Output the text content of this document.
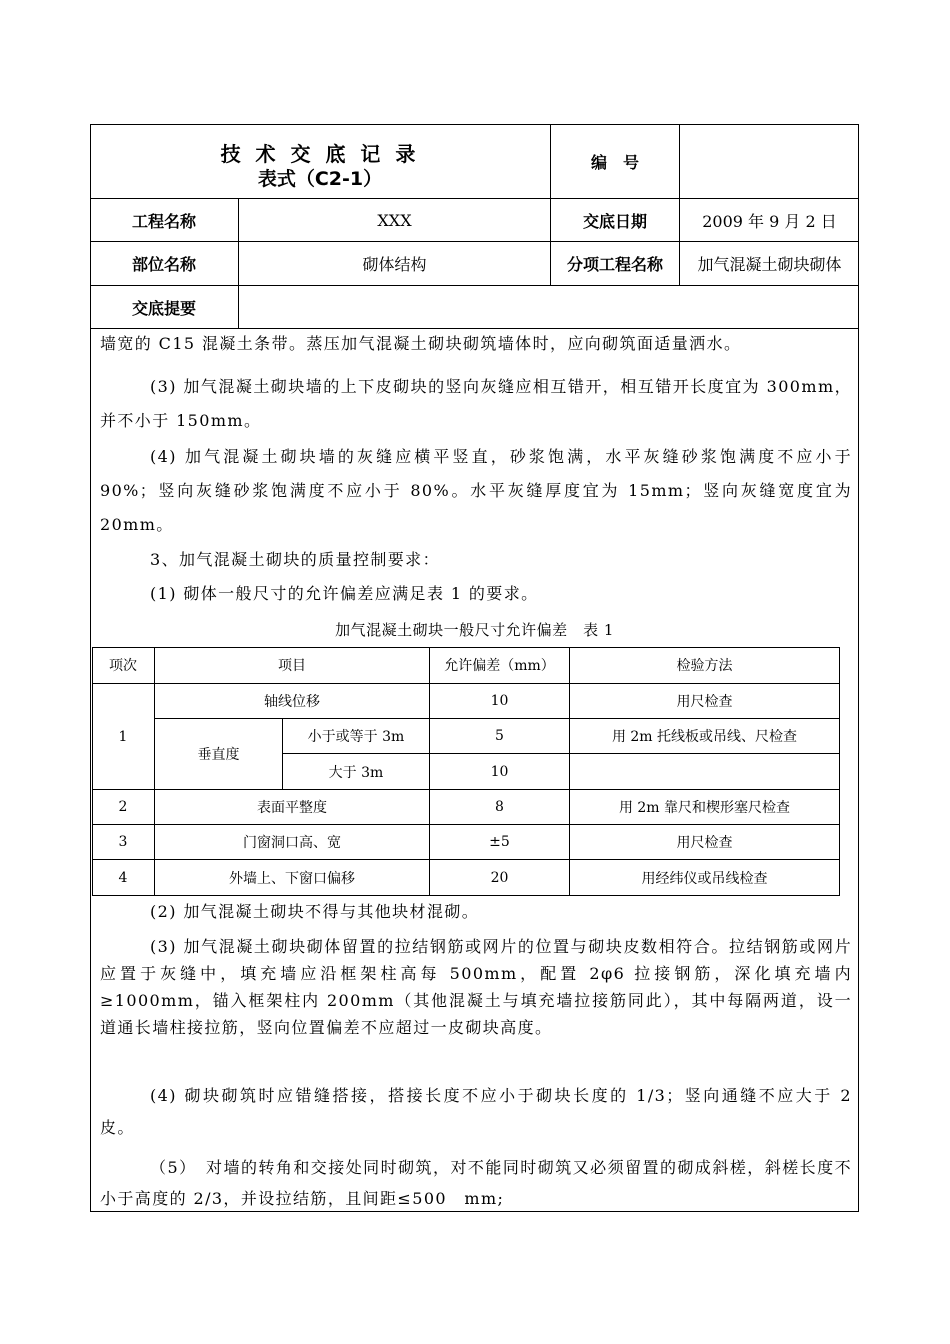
技 术 交 底 记 录
表式（C2-1）
编　号
工程名称	XXX	交底日期	2009 年 9 月 2 日
部位名称	砌体结构	分项工程名称	加气混凝土砌块砌体
交底提要
墙宽的 C15 混凝土条带。蒸压加气混凝土砌块砌筑墙体时，应向砌筑面适量洒水。
(3) 加气混凝土砌块墙的上下皮砌块的竖向灰缝应相互错开，相互错开长度宜为 300mm，并不小于 150mm。
(4) 加气混凝土砌块墙的灰缝应横平竖直，砂浆饱满，水平灰缝砂浆饱满度不应小于 90%；竖向灰缝砂浆饱满度不应小于 80%。水平灰缝厚度宜为 15mm；竖向灰缝宽度宜为 20mm。
3、加气混凝土砌块的质量控制要求：
(1) 砌体一般尺寸的允许偏差应满足表 1 的要求。
加气混凝土砌块一般尺寸允许偏差　表 1
项次	项目	允许偏差（mm）	检验方法
1
轴线位移	10	用尺检查
垂直度
小于或等于 3m	5	用 2m 托线板或吊线、尺检查
大于 3m	10
2	表面平整度	8	用 2m 靠尺和楔形塞尺检查
3	门窗洞口高、宽	±5	用尺检查
4	外墙上、下窗口偏移	20	用经纬仪或吊线检查
(2) 加气混凝土砌块不得与其他块材混砌。
(3) 加气混凝土砌块砌体留置的拉结钢筋或网片的位置与砌块皮数相符合。拉结钢筋或网片应置于灰缝中，填充墙应沿框架柱高每 500mm，配置 2φ6 拉接钢筋，深化填充墙内 ≥1000mm，锚入框架柱内 200mm（其他混凝土与填充墙拉接筋同此），其中每隔两道，设一道通长墙柱接拉筋，竖向位置偏差不应超过一皮砌块高度。
(4) 砌块砌筑时应错缝搭接，搭接长度不应小于砌块长度的 1/3；竖向通缝不应大于 2 皮。
（5）　对墙的转角和交接处同时砌筑，对不能同时砌筑又必须留置的砌成斜槎，斜槎长度不小于高度的 2/3，并设拉结筋，且间距≤500　mm;
